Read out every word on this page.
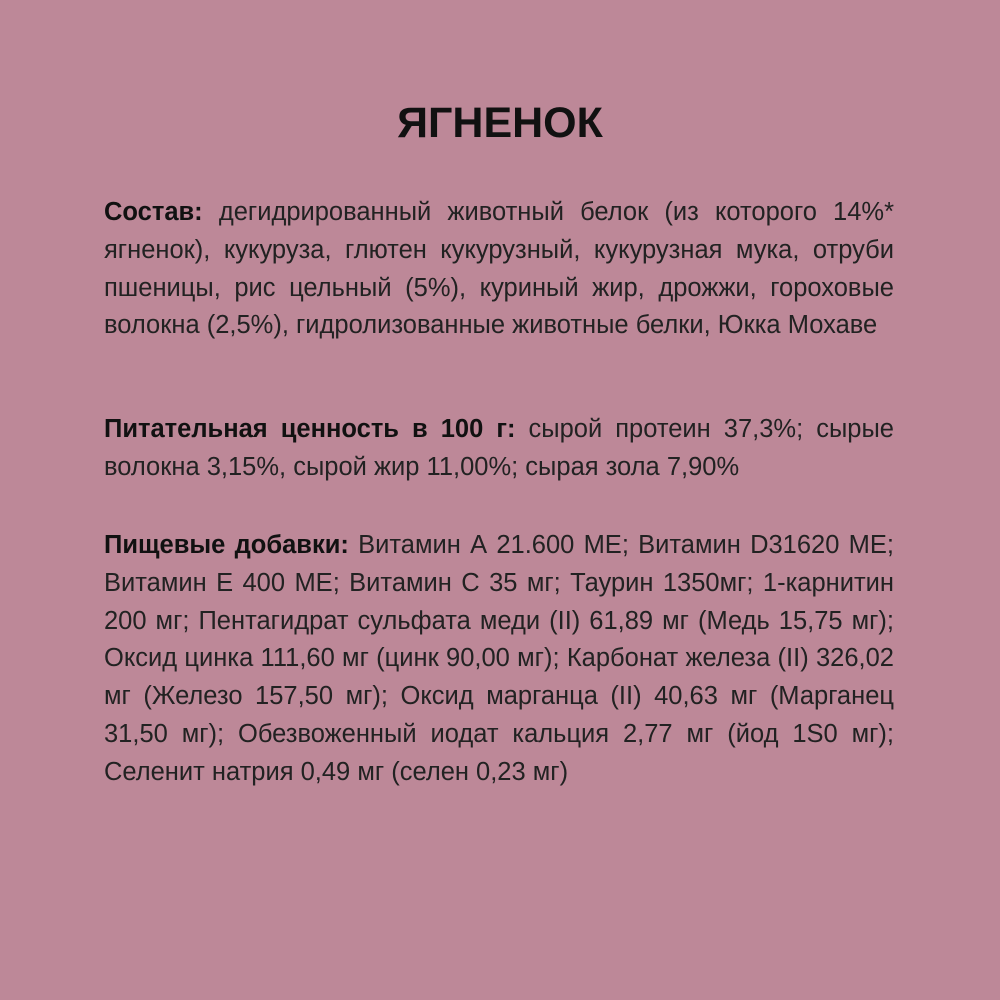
ЯГНЕНОК
Состав: дегидрированный животный белок (из которого 14%* ягненок), кукуруза, глютен кукурузный, кукурузная мука, отруби пшеницы, рис цельный (5%), куриный жир, дрожжи, гороховые волокна (2,5%), гидролизованные животные белки, Юкка Мохаве
Питательная ценность в 100 г: сырой протеин 37,3%; сырые волокна 3,15%, сырой жир 11,00%; сырая зола 7,90%
Пищевые добавки: Витамин А 21.600 МЕ; Витамин D31620 МЕ; Витамин Е 400 МЕ; Витамин С 35 мг; Таурин 1350мг; 1-карнитин 200 мг; Пентагидрат сульфата меди (II) 61,89 мг (Медь 15,75 мг); Оксид цинка 111,60 мг (цинк 90,00 мг); Карбонат железа (II) 326,02 мг (Железо 157,50 мг); Оксид марганца (II) 40,63 мг (Марганец 31,50 мг); Обезвоженный иодат кальция 2,77 мг (йод 1S0 мг); Селенит натрия 0,49 мг (селен 0,23 мг)
